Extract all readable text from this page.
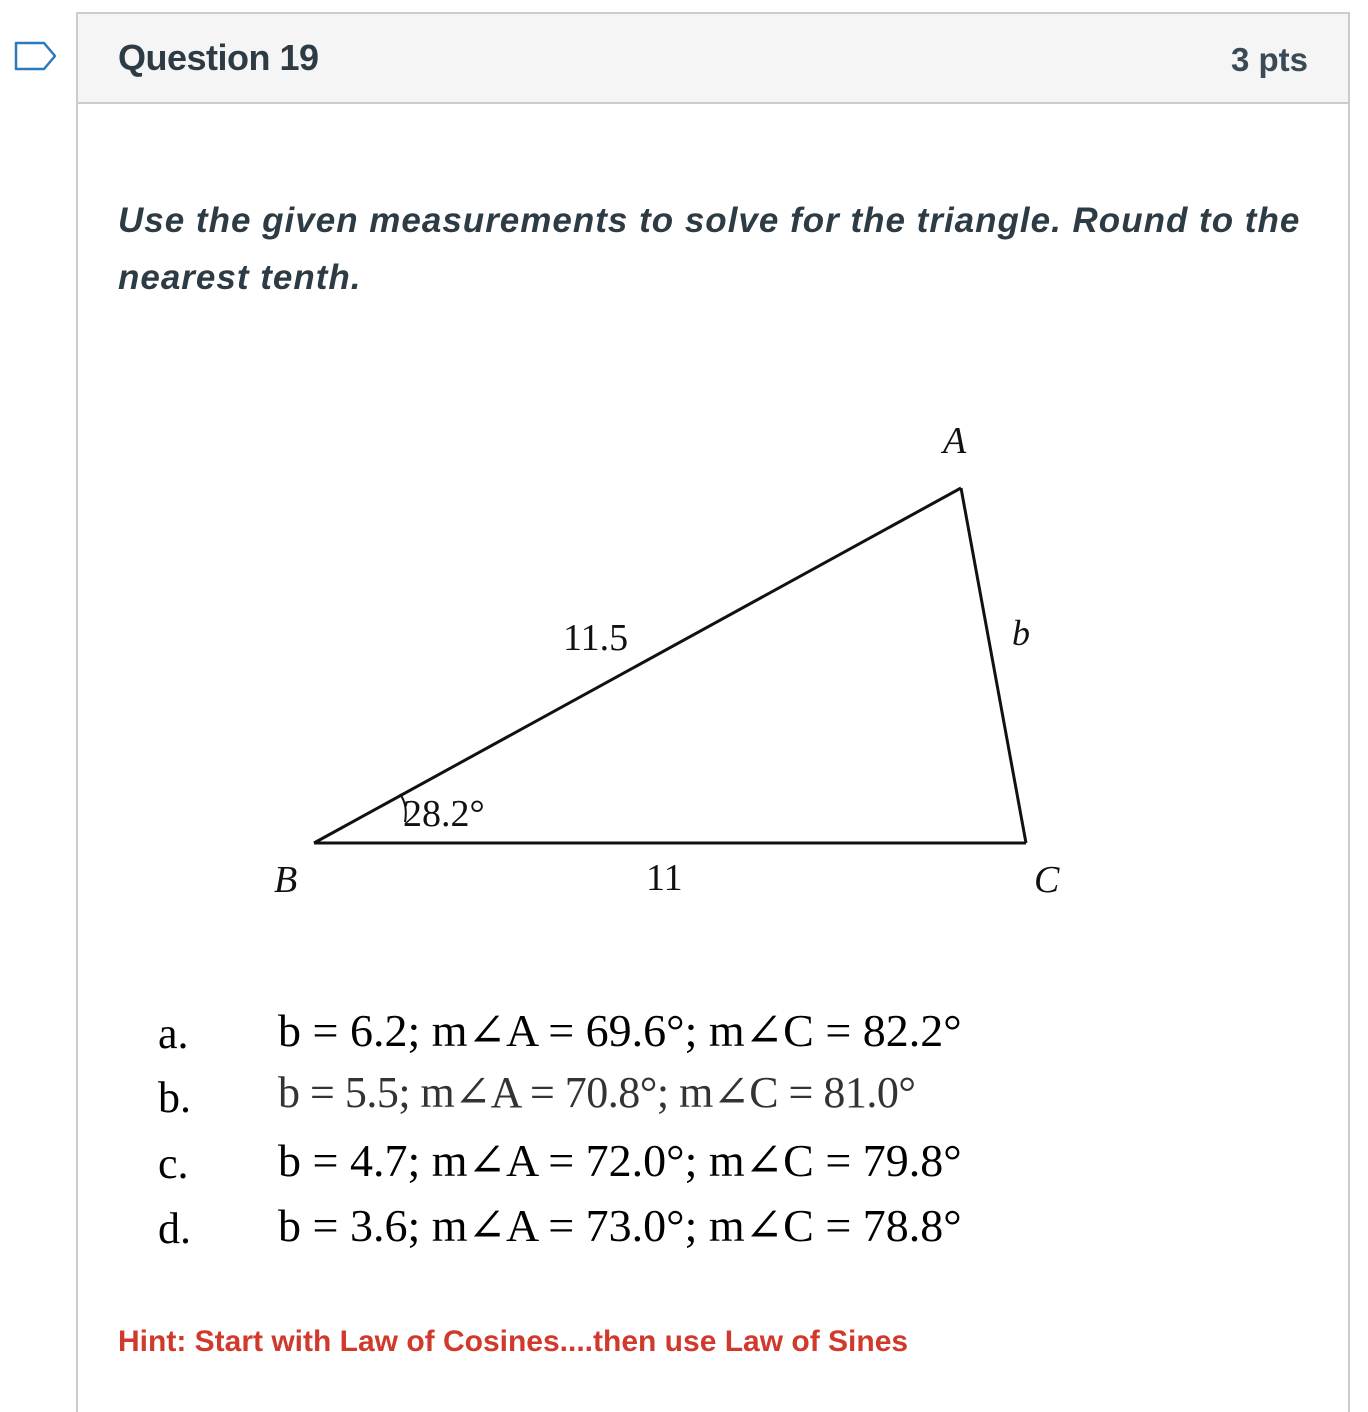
Question 19	3 pts
Use the given measurements to solve for the triangle. Round to the nearest tenth.
A
B	C
11.5
11
b
28.2°
a. b = 6.2; m∠A = 69.6°; m∠C = 82.2°
b. b = 5.5; m∠A = 70.8°; m∠C = 81.0°
c. b = 4.7; m∠A = 72.0°; m∠C = 79.8°
d. b = 3.6; m∠A = 73.0°; m∠C = 78.8°
Hint: Start with Law of Cosines....then use Law of Sines
